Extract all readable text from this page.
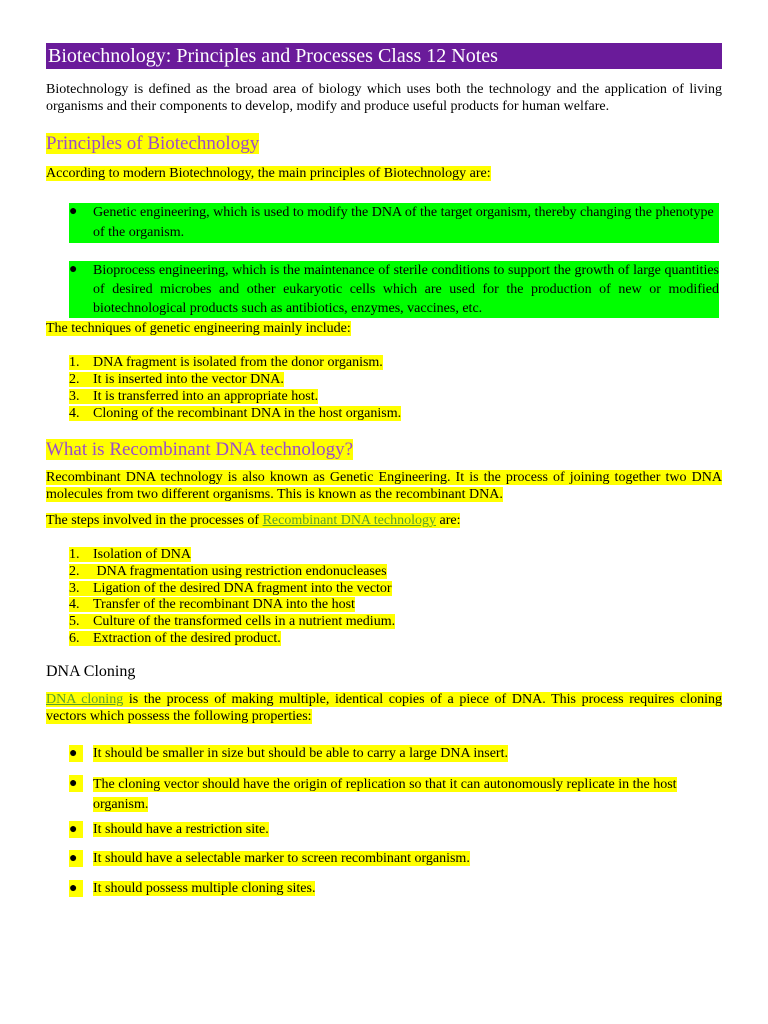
Biotechnology: Principles and Processes Class 12 Notes
Biotechnology is defined as the broad area of biology which uses both the technology and the application of living organisms and their components to develop, modify and produce useful products for human welfare.
Principles of Biotechnology
According to modern Biotechnology, the main principles of Biotechnology are:
●	Genetic engineering, which is used to modify the DNA of the target organism, thereby changing the phenotype of the organism.
●	Bioprocess engineering, which is the maintenance of sterile conditions to support the growth of large quantities of desired microbes and other eukaryotic cells which are used for the production of new or modified biotechnological products such as antibiotics, enzymes, vaccines, etc.
The techniques of genetic engineering mainly include:
1. DNA fragment is isolated from the donor organism.
2. It is inserted into the vector DNA.
3. It is transferred into an appropriate host.
4. Cloning of the recombinant DNA in the host organism.
What is Recombinant DNA technology?
Recombinant DNA technology is also known as Genetic Engineering. It is the process of joining together two DNA molecules from two different organisms. This is known as the recombinant DNA.
The steps involved in the processes of Recombinant DNA technology are:
1. Isolation of DNA
2. DNA fragmentation using restriction endonucleases
3. Ligation of the desired DNA fragment into the vector
4. Transfer of the recombinant DNA into the host
5. Culture of the transformed cells in a nutrient medium.
6. Extraction of the desired product.
DNA Cloning
DNA cloning is the process of making multiple, identical copies of a piece of DNA. This process requires cloning vectors which possess the following properties:
●	It should be smaller in size but should be able to carry a large DNA insert.
●	The cloning vector should have the origin of replication so that it can autonomously replicate in the host organism.
●	It should have a restriction site.
●	It should have a selectable marker to screen recombinant organism.
●	It should possess multiple cloning sites.
